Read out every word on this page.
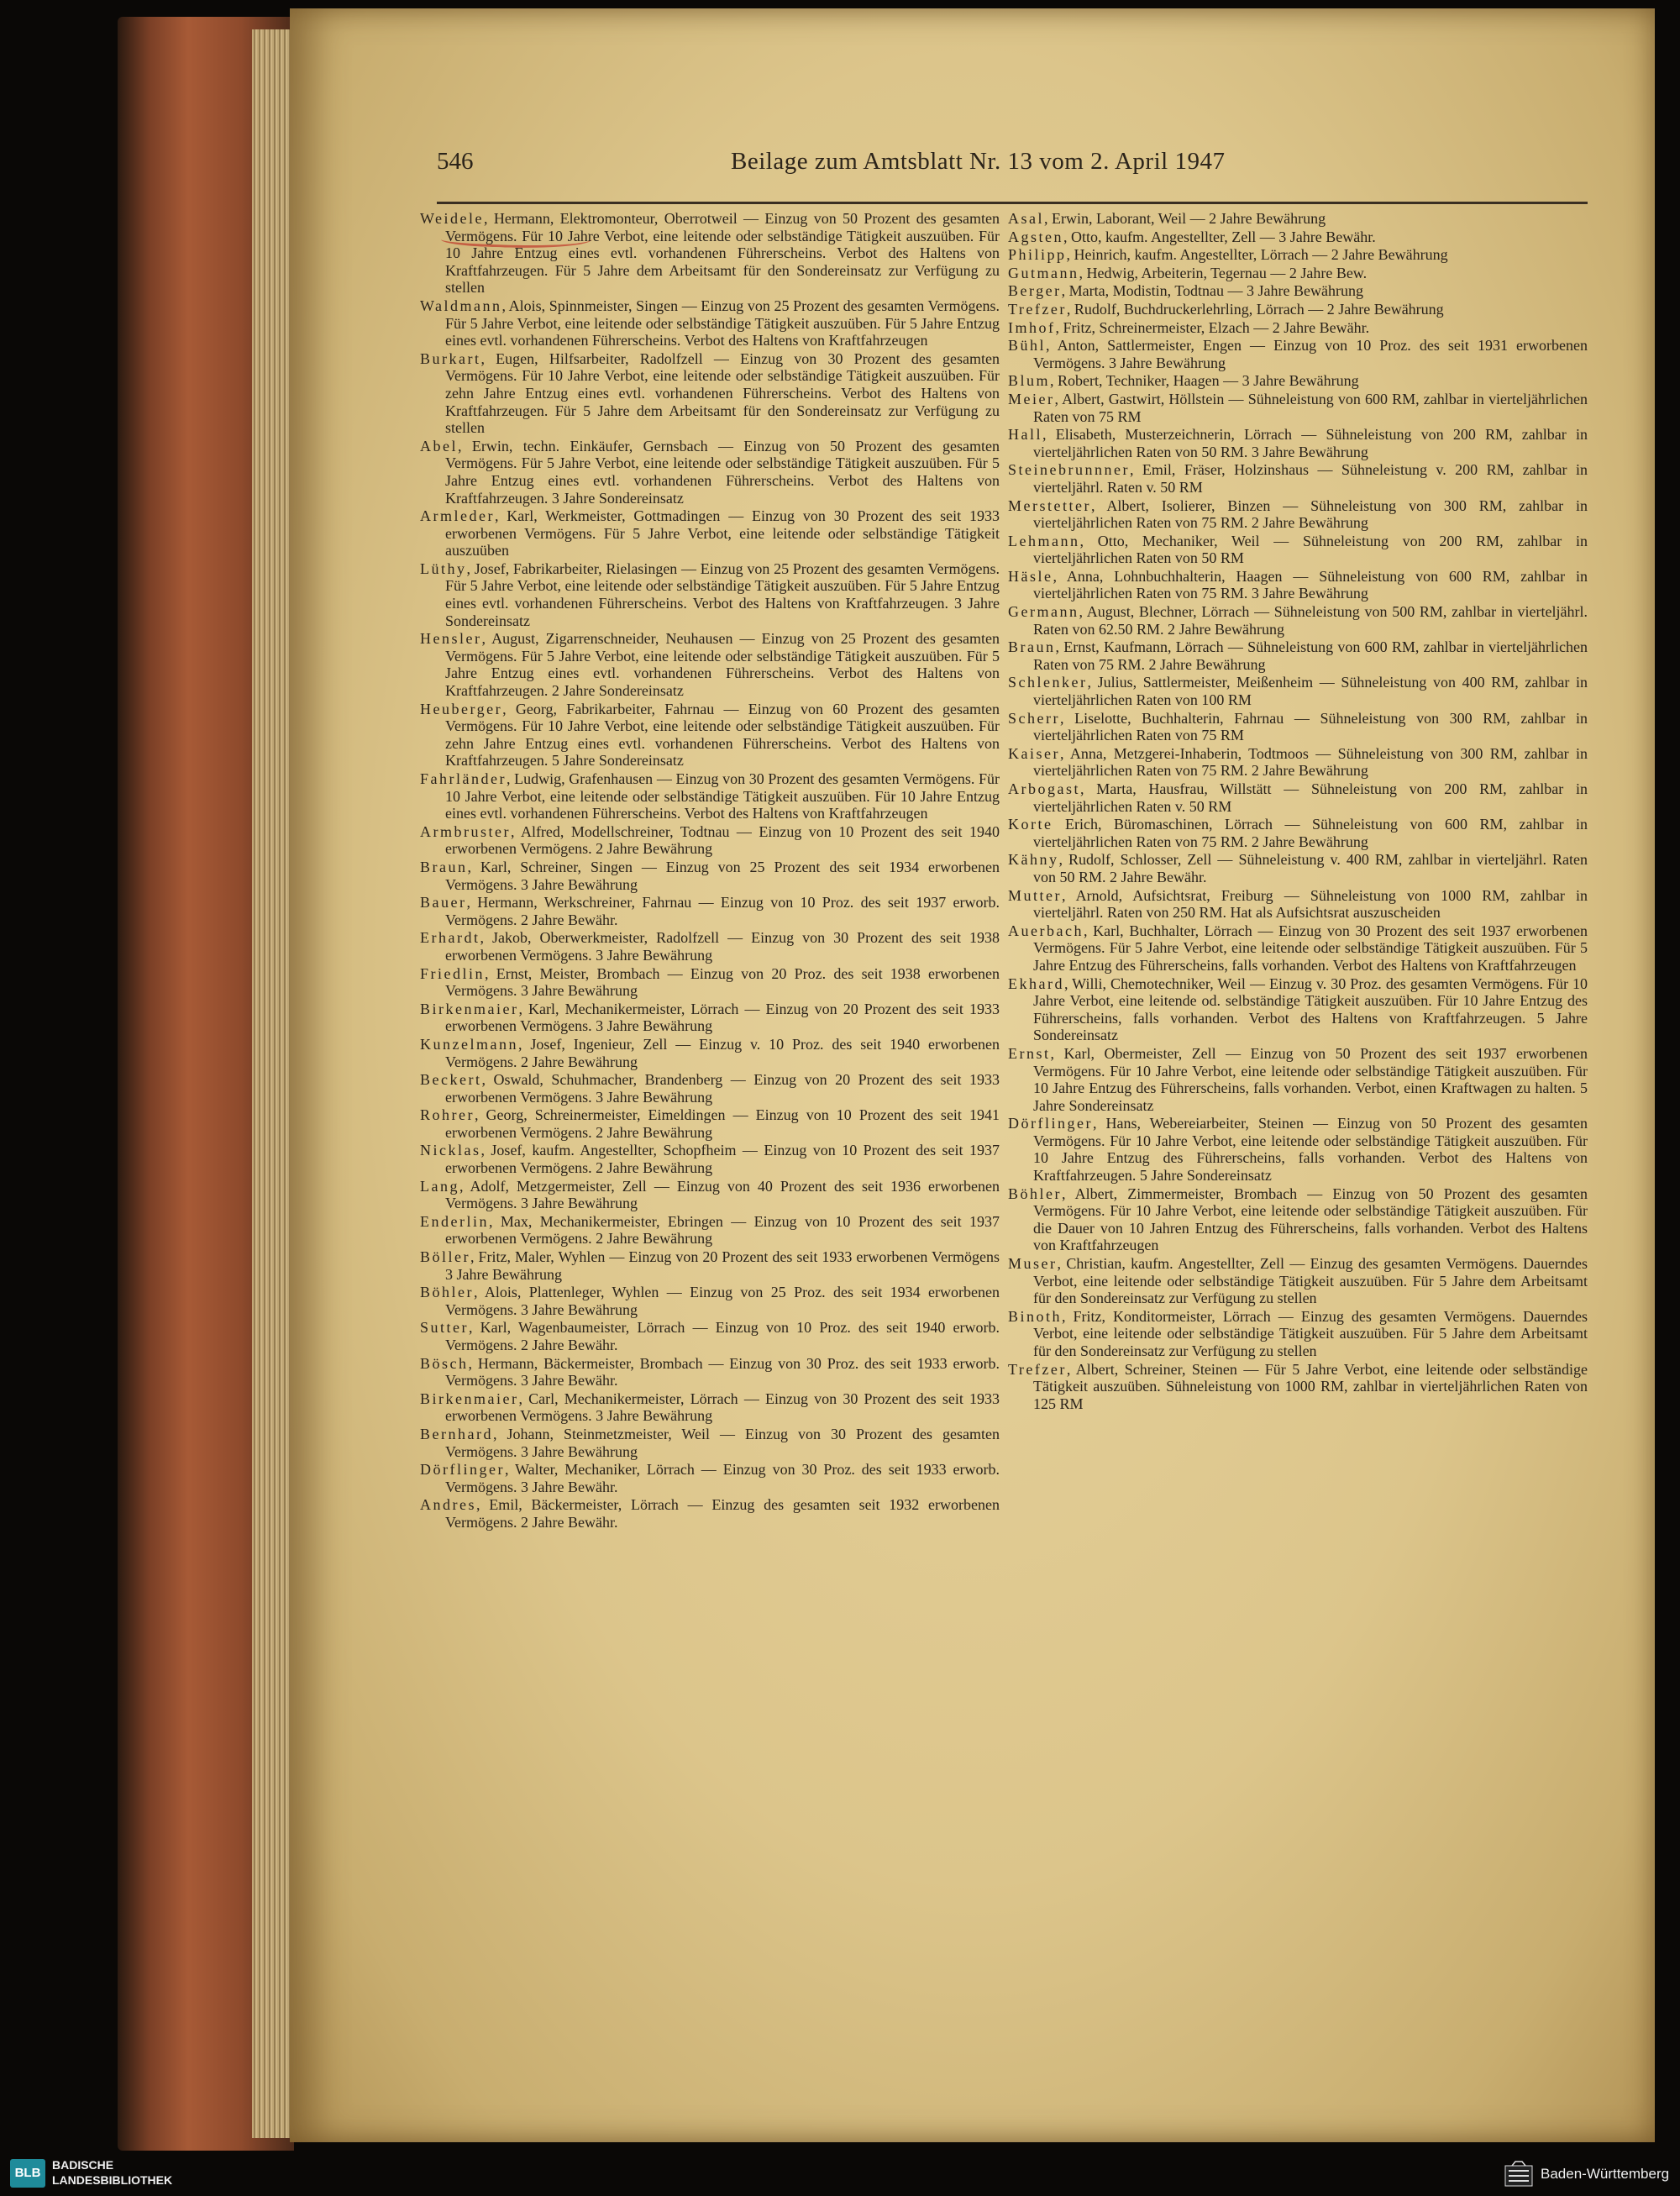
546	Beilage zum Amtsblatt Nr. 13 vom 2. April 1947
Weidele, Hermann, Elektromonteur, Oberrotweil — Einzug von 50 Prozent des gesamten Vermögens. Für 10 Jahre Verbot, eine leitende oder selbständige Tätigkeit auszuüben. Für 10 Jahre Entzug eines evtl. vorhandenen Führerscheins. Verbot des Haltens von Kraftfahrzeugen. Für 5 Jahre dem Arbeitsamt für den Sondereinsatz zur Verfügung zu stellen
Waldmann, Alois, Spinnmeister, Singen — Einzug von 25 Prozent des gesamten Vermögens. Für 5 Jahre Verbot, eine leitende oder selbständige Tätigkeit auszuüben. Für 5 Jahre Entzug eines evtl. vorhandenen Führerscheins. Verbot des Haltens von Kraftfahrzeugen
Burkart, Eugen, Hilfsarbeiter, Radolfzell — Einzug von 30 Prozent des gesamten Vermögens. Für 10 Jahre Verbot, eine leitende oder selbständige Tätigkeit auszuüben. Für zehn Jahre Entzug eines evtl. vorhandenen Führerscheins. Verbot des Haltens von Kraftfahrzeugen. Für 5 Jahre dem Arbeitsamt für den Sondereinsatz zur Verfügung zu stellen
Abel, Erwin, techn. Einkäufer, Gernsbach — Einzug von 50 Prozent des gesamten Vermögens. Für 5 Jahre Verbot, eine leitende oder selbständige Tätigkeit auszuüben. Für 5 Jahre Entzug eines evtl. vorhandenen Führerscheins. Verbot des Haltens von Kraftfahrzeugen. 3 Jahre Sondereinsatz
Armleder, Karl, Werkmeister, Gottmadingen — Einzug von 30 Prozent des seit 1933 erworbenen Vermögens. Für 5 Jahre Verbot, eine leitende oder selbständige Tätigkeit auszuüben
Lüthy, Josef, Fabrikarbeiter, Rielasingen — Einzug von 25 Prozent des gesamten Vermögens. Für 5 Jahre Verbot, eine leitende oder selbständige Tätigkeit auszuüben. Für 5 Jahre Entzug eines evtl. vorhandenen Führerscheins. Verbot des Haltens von Kraftfahrzeugen. 3 Jahre Sondereinsatz
Hensler, August, Zigarrenschneider, Neuhausen — Einzug von 25 Prozent des gesamten Vermögens. Für 5 Jahre Verbot, eine leitende oder selbständige Tätigkeit auszuüben. Für 5 Jahre Entzug eines evtl. vorhandenen Führerscheins. Verbot des Haltens von Kraftfahrzeugen. 2 Jahre Sondereinsatz
Heuberger, Georg, Fabrikarbeiter, Fahrnau — Einzug von 60 Prozent des gesamten Vermögens. Für 10 Jahre Verbot, eine leitende oder selbständige Tätigkeit auszuüben. Für zehn Jahre Entzug eines evtl. vorhandenen Führerscheins. Verbot des Haltens von Kraftfahrzeugen. 5 Jahre Sondereinsatz
Fahrländer, Ludwig, Grafenhausen — Einzug von 30 Prozent des gesamten Vermögens. Für 10 Jahre Verbot, eine leitende oder selbständige Tätigkeit auszuüben. Für 10 Jahre Entzug eines evtl. vorhandenen Führerscheins. Verbot des Haltens von Kraftfahrzeugen
Armbruster, Alfred, Modellschreiner, Todtnau — Einzug von 10 Prozent des seit 1940 erworbenen Vermögens. 2 Jahre Bewährung
Braun, Karl, Schreiner, Singen — Einzug von 25 Prozent des seit 1934 erworbenen Vermögens. 3 Jahre Bewährung
Bauer, Hermann, Werkschreiner, Fahrnau — Einzug von 10 Proz. des seit 1937 erworb. Vermögens. 2 Jahre Bewähr.
Erhardt, Jakob, Oberwerkmeister, Radolfzell — Einzug von 30 Prozent des seit 1938 erworbenen Vermögens. 3 Jahre Bewährung
Friedlin, Ernst, Meister, Brombach — Einzug von 20 Proz. des seit 1938 erworbenen Vermögens. 3 Jahre Bewährung
Birkenmaier, Karl, Mechanikermeister, Lörrach — Einzug von 20 Prozent des seit 1933 erworbenen Vermögens. 3 Jahre Bewährung
Kunzelmann, Josef, Ingenieur, Zell — Einzug v. 10 Proz. des seit 1940 erworbenen Vermögens. 2 Jahre Bewährung
Beckert, Oswald, Schuhmacher, Brandenberg — Einzug von 20 Prozent des seit 1933 erworbenen Vermögens. 3 Jahre Bewährung
Rohrer, Georg, Schreinermeister, Eimeldingen — Einzug von 10 Prozent des seit 1941 erworbenen Vermögens. 2 Jahre Bewährung
Nicklas, Josef, kaufm. Angestellter, Schopfheim — Einzug von 10 Prozent des seit 1937 erworbenen Vermögens. 2 Jahre Bewährung
Lang, Adolf, Metzgermeister, Zell — Einzug von 40 Prozent des seit 1936 erworbenen Vermögens. 3 Jahre Bewährung
Enderlin, Max, Mechanikermeister, Ebringen — Einzug von 10 Prozent des seit 1937 erworbenen Vermögens. 2 Jahre Bewährung
Böller, Fritz, Maler, Wyhlen — Einzug von 20 Prozent des seit 1933 erworbenen Vermögens 3 Jahre Bewährung
Böhler, Alois, Plattenleger, Wyhlen — Einzug von 25 Proz. des seit 1934 erworbenen Vermögens. 3 Jahre Bewährung
Sutter, Karl, Wagenbaumeister, Lörrach — Einzug von 10 Proz. des seit 1940 erworb. Vermögens. 2 Jahre Bewähr.
Bösch, Hermann, Bäckermeister, Brombach — Einzug von 30 Proz. des seit 1933 erworb. Vermögens. 3 Jahre Bewähr.
Birkenmaier, Carl, Mechanikermeister, Lörrach — Einzug von 30 Prozent des seit 1933 erworbenen Vermögens. 3 Jahre Bewährung
Bernhard, Johann, Steinmetzmeister, Weil — Einzug von 30 Prozent des gesamten Vermögens. 3 Jahre Bewährung
Dörflinger, Walter, Mechaniker, Lörrach — Einzug von 30 Proz. des seit 1933 erworb. Vermögens. 3 Jahre Bewähr.
Andres, Emil, Bäckermeister, Lörrach — Einzug des gesamten seit 1932 erworbenen Vermögens. 2 Jahre Bewähr.
Asal, Erwin, Laborant, Weil — 2 Jahre Bewährung
Agsten, Otto, kaufm. Angestellter, Zell — 3 Jahre Bewähr.
Philipp, Heinrich, kaufm. Angestellter, Lörrach — 2 Jahre Bewährung
Gutmann, Hedwig, Arbeiterin, Tegernau — 2 Jahre Bew.
Berger, Marta, Modistin, Todtnau — 3 Jahre Bewährung
Trefzer, Rudolf, Buchdruckerlehrling, Lörrach — 2 Jahre Bewährung
Imhof, Fritz, Schreinermeister, Elzach — 2 Jahre Bewähr.
Bühl, Anton, Sattlermeister, Engen — Einzug von 10 Proz. des seit 1931 erworbenen Vermögens. 3 Jahre Bewährung
Blum, Robert, Techniker, Haagen — 3 Jahre Bewährung
Meier, Albert, Gastwirt, Höllstein — Sühneleistung von 600 RM, zahlbar in vierteljährlichen Raten von 75 RM
Hall, Elisabeth, Musterzeichnerin, Lörrach — Sühneleistung von 200 RM, zahlbar in vierteljährlichen Raten von 50 RM. 3 Jahre Bewährung
Steinebrunnner, Emil, Fräser, Holzinshaus — Sühneleistung v. 200 RM, zahlbar in vierteljährl. Raten v. 50 RM
Merstetter, Albert, Isolierer, Binzen — Sühneleistung von 300 RM, zahlbar in vierteljährlichen Raten von 75 RM. 2 Jahre Bewährung
Lehmann, Otto, Mechaniker, Weil — Sühneleistung von 200 RM, zahlbar in vierteljährlichen Raten von 50 RM
Häsle, Anna, Lohnbuchhalterin, Haagen — Sühneleistung von 600 RM, zahlbar in vierteljährlichen Raten von 75 RM. 3 Jahre Bewährung
Germann, August, Blechner, Lörrach — Sühneleistung von 500 RM, zahlbar in vierteljährl. Raten von 62.50 RM. 2 Jahre Bewährung
Braun, Ernst, Kaufmann, Lörrach — Sühneleistung von 600 RM, zahlbar in vierteljährlichen Raten von 75 RM. 2 Jahre Bewährung
Schlenker, Julius, Sattlermeister, Meißenheim — Sühneleistung von 400 RM, zahlbar in vierteljährlichen Raten von 100 RM
Scherr, Liselotte, Buchhalterin, Fahrnau — Sühneleistung von 300 RM, zahlbar in vierteljährlichen Raten von 75 RM
Kaiser, Anna, Metzgerei-Inhaberin, Todtmoos — Sühneleistung von 300 RM, zahlbar in vierteljährlichen Raten von 75 RM. 2 Jahre Bewährung
Arbogast, Marta, Hausfrau, Willstätt — Sühneleistung von 200 RM, zahlbar in vierteljährlichen Raten v. 50 RM
Korte Erich, Büromaschinen, Lörrach — Sühneleistung von 600 RM, zahlbar in vierteljährlichen Raten von 75 RM. 2 Jahre Bewährung
Kähny, Rudolf, Schlosser, Zell — Sühneleistung v. 400 RM, zahlbar in vierteljährl. Raten von 50 RM. 2 Jahre Bewähr.
Mutter, Arnold, Aufsichtsrat, Freiburg — Sühneleistung von 1000 RM, zahlbar in vierteljährl. Raten von 250 RM. Hat als Aufsichtsrat auszuscheiden
Auerbach, Karl, Buchhalter, Lörrach — Einzug von 30 Prozent des seit 1937 erworbenen Vermögens. Für 5 Jahre Verbot, eine leitende oder selbständige Tätigkeit auszuüben. Für 5 Jahre Entzug des Führerscheins, falls vorhanden. Verbot des Haltens von Kraftfahrzeugen
Ekhard, Willi, Chemotechniker, Weil — Einzug v. 30 Proz. des gesamten Vermögens. Für 10 Jahre Verbot, eine leitende od. selbständige Tätigkeit auszuüben. Für 10 Jahre Entzug des Führerscheins, falls vorhanden. Verbot des Haltens von Kraftfahrzeugen. 5 Jahre Sondereinsatz
Ernst, Karl, Obermeister, Zell — Einzug von 50 Prozent des seit 1937 erworbenen Vermögens. Für 10 Jahre Verbot, eine leitende oder selbständige Tätigkeit auszuüben. Für 10 Jahre Entzug des Führerscheins, falls vorhanden. Verbot, einen Kraftwagen zu halten. 5 Jahre Sondereinsatz
Dörflinger, Hans, Webereiarbeiter, Steinen — Einzug von 50 Prozent des gesamten Vermögens. Für 10 Jahre Verbot, eine leitende oder selbständige Tätigkeit auszuüben. Für 10 Jahre Entzug des Führerscheins, falls vorhanden. Verbot des Haltens von Kraftfahrzeugen. 5 Jahre Sondereinsatz
Böhler, Albert, Zimmermeister, Brombach — Einzug von 50 Prozent des gesamten Vermögens. Für 10 Jahre Verbot, eine leitende oder selbständige Tätigkeit auszuüben. Für die Dauer von 10 Jahren Entzug des Führerscheins, falls vorhanden. Verbot des Haltens von Kraftfahrzeugen
Muser, Christian, kaufm. Angestellter, Zell — Einzug des gesamten Vermögens. Dauerndes Verbot, eine leitende oder selbständige Tätigkeit auszuüben. Für 5 Jahre dem Arbeitsamt für den Sondereinsatz zur Verfügung zu stellen
Binoth, Fritz, Konditormeister, Lörrach — Einzug des gesamten Vermögens. Dauerndes Verbot, eine leitende oder selbständige Tätigkeit auszuüben. Für 5 Jahre dem Arbeitsamt für den Sondereinsatz zur Verfügung zu stellen
Trefzer, Albert, Schreiner, Steinen — Für 5 Jahre Verbot, eine leitende oder selbständige Tätigkeit auszuüben. Sühneleistung von 1000 RM, zahlbar in vierteljährlichen Raten von 125 RM
BLB
BADISCHE
LANDESBIBLIOTHEK	Baden-Württemberg
